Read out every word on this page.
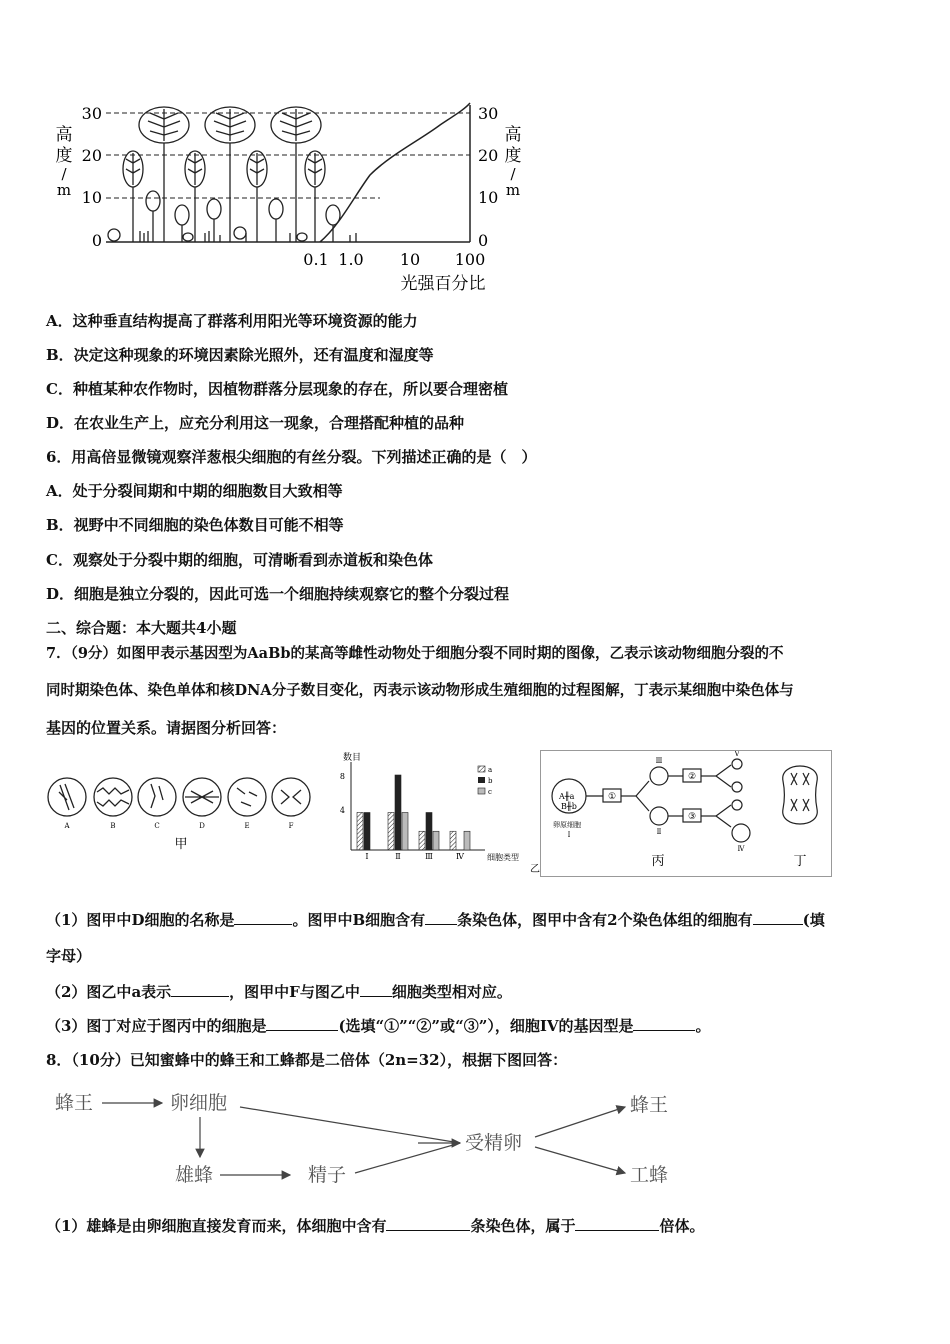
高
度
/
m
30
20
10
0
30
20
10
0
高
度
/
m
0.1 1.0 10 100
光强百分比
A．这种垂直结构提高了群落利用阳光等环境资源的能力
B．决定这种现象的环境因素除光照外，还有温度和湿度等
C．种植某种农作物时，因植物群落分层现象的存在，所以要合理密植
D．在农业生产上，应充分利用这一现象，合理搭配种植的品种
6．用高倍显微镜观察洋葱根尖细胞的有丝分裂。下列描述正确的是（　）
A．处于分裂间期和中期的细胞数目大致相等
B．视野中不同细胞的染色体数目可能不相等
C．观察处于分裂中期的细胞，可清晰看到赤道板和染色体
D．细胞是独立分裂的，因此可选一个细胞持续观察它的整个分裂过程
二、综合题：本大题共4小题
7．（9分）如图甲表示基因型为AaBb的某高等雌性动物处于细胞分裂不同时期的图像，乙表示该动物细胞分裂的不
同时期染色体、染色单体和核DNA分子数目变化，丙表示该动物形成生殖细胞的过程图解，丁表示某细胞中染色体与
基因的位置关系。请据图分析回答：
A	B	C	D	E	F
甲
数目
8
4
Ⅰ	Ⅱ	Ⅲ	Ⅳ
a
b
c
细胞类型
乙
A╫a
B╫b
卵原细胞
Ⅰ
①
②
③
Ⅱ
Ⅲ
Ⅳ
Ⅴ
丙	丁
（1）图甲中D细胞的名称是	。图甲中B细胞含有 条染色体，图甲中含有2个染色体组的细胞有	(填
字母）
（2）图乙中a表示	，图甲中F与图乙中 细胞类型相对应。
（3）图丁对应于图丙中的细胞是	(选填“①”“②”或“③”），细胞IV的基因型是	。
8．（10分）已知蜜蜂中的蜂王和工蜂都是二倍体（2n=32），根据下图回答：
蜂王	卵细胞
雄蜂	精子
受精卵
蜂王
工蜂
（1）雄蜂是由卵细胞直接发育而来，体细胞中含有	条染色体，属于	倍体。
